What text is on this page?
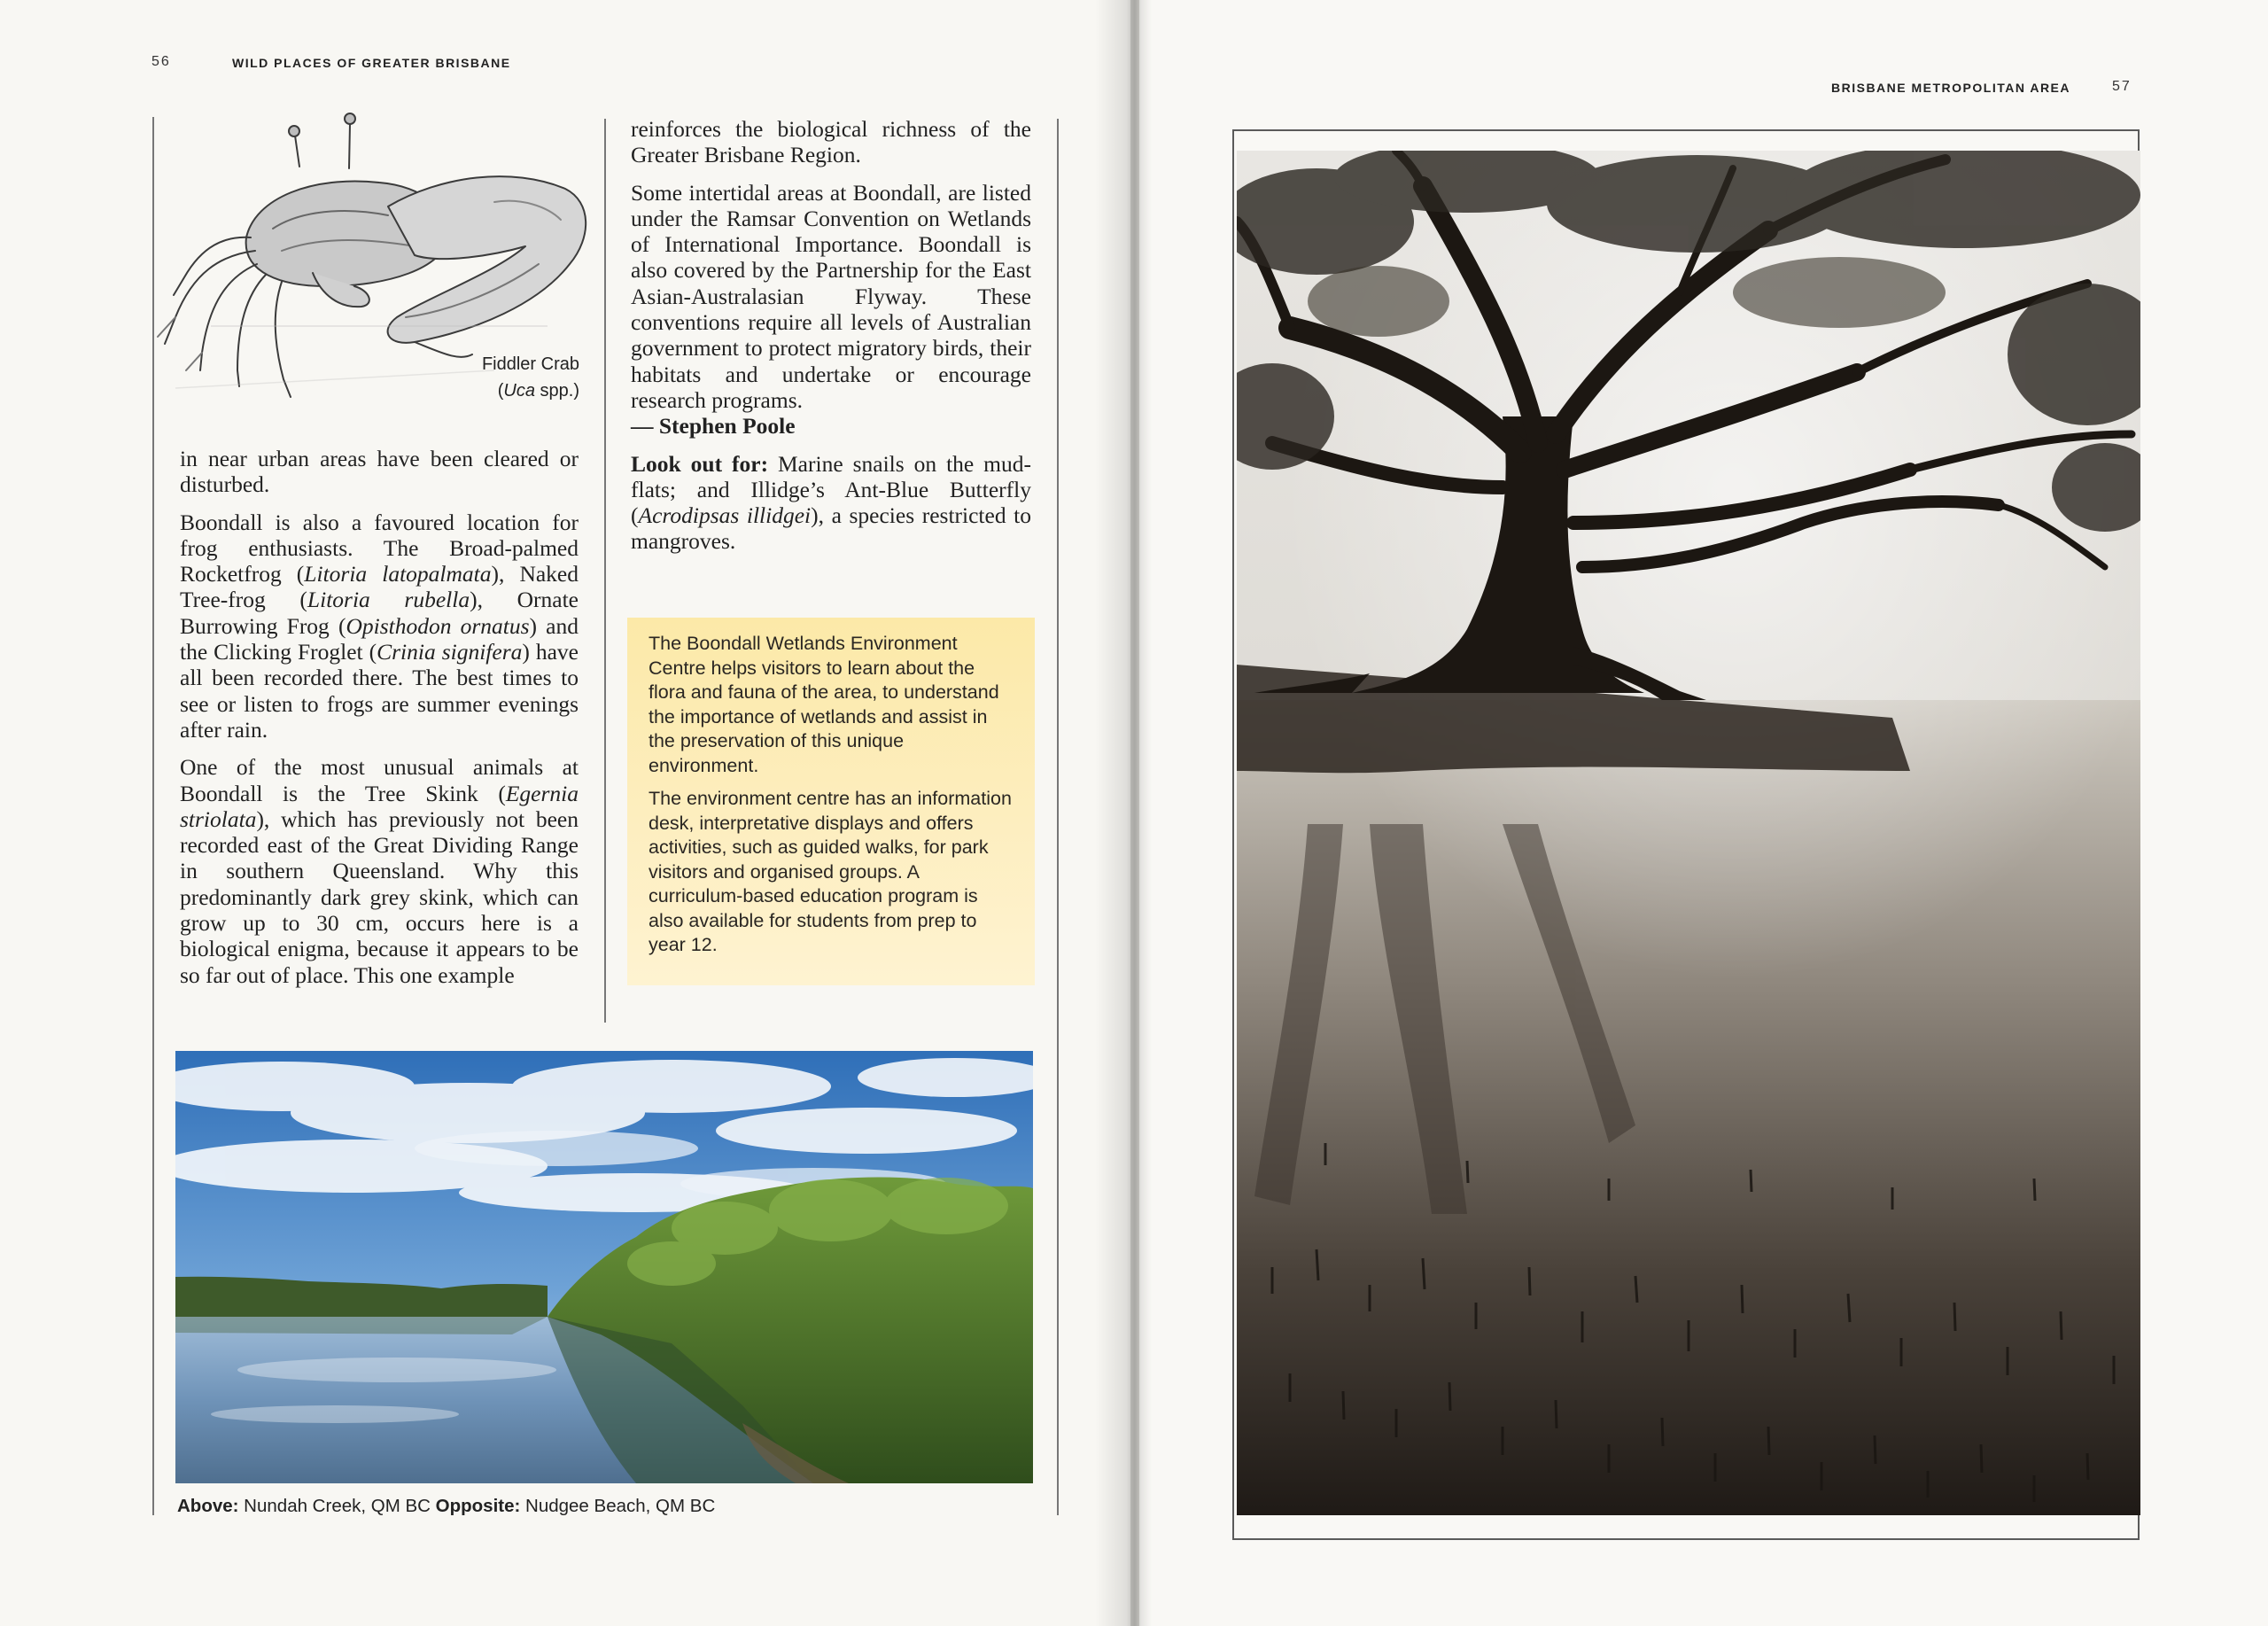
56	WILD PLACES OF GREATER BRISBANE
Fiddler Crab
(Uca spp.)

in near urban areas have been cleared or disturbed.

Boondall is also a favoured location for frog enthusiasts. The Broad-palmed Rocketfrog (Litoria latopalmata), Naked Tree-frog (Litoria rubella), Ornate Burrowing Frog (Opisthodon ornatus) and the Clicking Froglet (Crinia signifera) have all been recorded there. The best times to see or listen to frogs are summer evenings after rain.

One of the most unusual animals at Boondall is the Tree Skink (Egernia striolata), which has previously not been recorded east of the Great Dividing Range in southern Queensland. Why this predominantly dark grey skink, which can grow up to 30 cm, occurs here is a biological enigma, because it appears to be so far out of place. This one example

reinforces the biological richness of the Greater Brisbane Region.

Some intertidal areas at Boondall, are listed under the Ramsar Convention on Wetlands of International Importance. Boondall is also covered by the Partnership for the East Asian-Australasian Flyway. These conventions require all levels of Australian government to protect migratory birds, their habitats and undertake or encourage research programs.

— Stephen Poole

Look out for: Marine snails on the mud-flats; and Illidge’s Ant-Blue Butterfly (Acrodipsas illidgei), a species restricted to mangroves.

The Boondall Wetlands Environment Centre helps visitors to learn about the flora and fauna of the area, to understand the importance of wetlands and assist in the preservation of this unique environment.

The environment centre has an information desk, interpretative displays and offers activities, such as guided walks, for park visitors and organised groups. A curriculum-based education program is also available for students from prep to year 12.

Above: Nundah Creek, QM BC Opposite: Nudgee Beach, QM BC
BRISBANE METROPOLITAN AREA	57
